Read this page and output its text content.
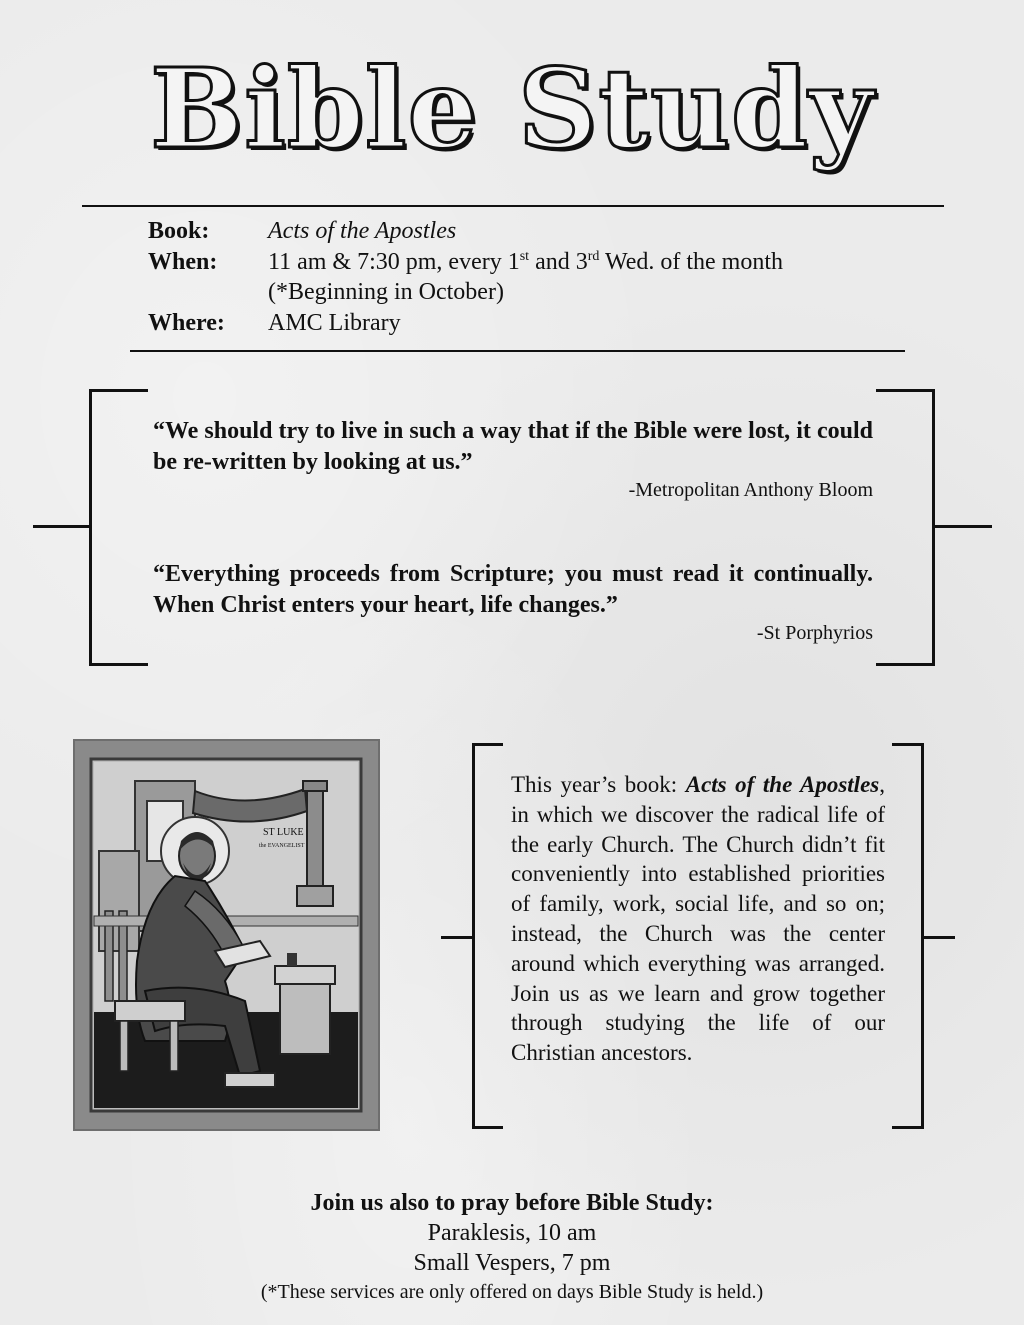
Bible Study
Book: Acts of the Apostles
When: 11 am & 7:30 pm, every 1st and 3rd Wed. of the month
(*Beginning in October)
Where: AMC Library
“We should try to live in such a way that if the Bible were lost, it could be re-written by looking at us.”
-Metropolitan Anthony Bloom
“Everything proceeds from Scripture; you must read it continually. When Christ enters your heart, life changes.”
-St Porphyrios
ST LUKE
the EVANGELIST
This year’s book: Acts of the Apostles, in which we discover the radical life of the early Church. The Church didn’t fit conveniently into established priorities of family, work, social life, and so on; instead, the Church was the center around which everything was arranged. Join us as we learn and grow together through studying the life of our Christian ancestors.
Join us also to pray before Bible Study:
Paraklesis, 10 am
Small Vespers, 7 pm
(*These services are only offered on days Bible Study is held.)
